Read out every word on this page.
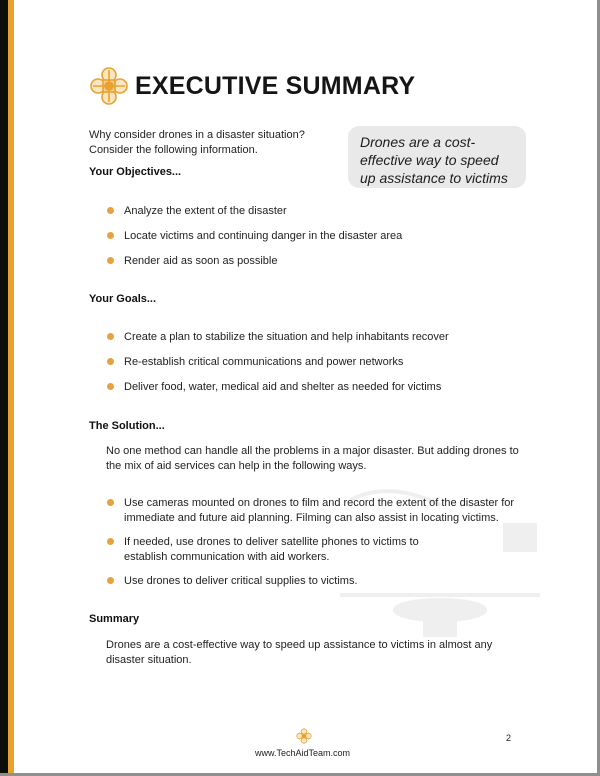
EXECUTIVE SUMMARY
Why consider drones in a disaster situation?
Consider the following information.	Drones are a cost-effective way to speed up assistance to victims
Your Objectives...
Analyze the extent of the disaster
Locate victims and continuing danger in the disaster area
Render aid as soon as possible
Your Goals...
Create a plan to stabilize the situation and help inhabitants recover
Re-establish critical communications and power networks
Deliver food, water, medical aid and shelter as needed for victims
The Solution...
No one method can handle all the problems in a major disaster. But adding drones to the mix of aid services can help in the following ways.
Use cameras mounted on drones to film and record the extent of the disaster for immediate and future aid planning. Filming can also assist in locating victims.
If needed, use drones to deliver satellite phones to victims to establish communication with aid workers.
Use drones to deliver critical supplies to victims.
Summary
Drones are a cost-effective way to speed up assistance to victims in almost any disaster situation.
www.TechAidTeam.com
2
